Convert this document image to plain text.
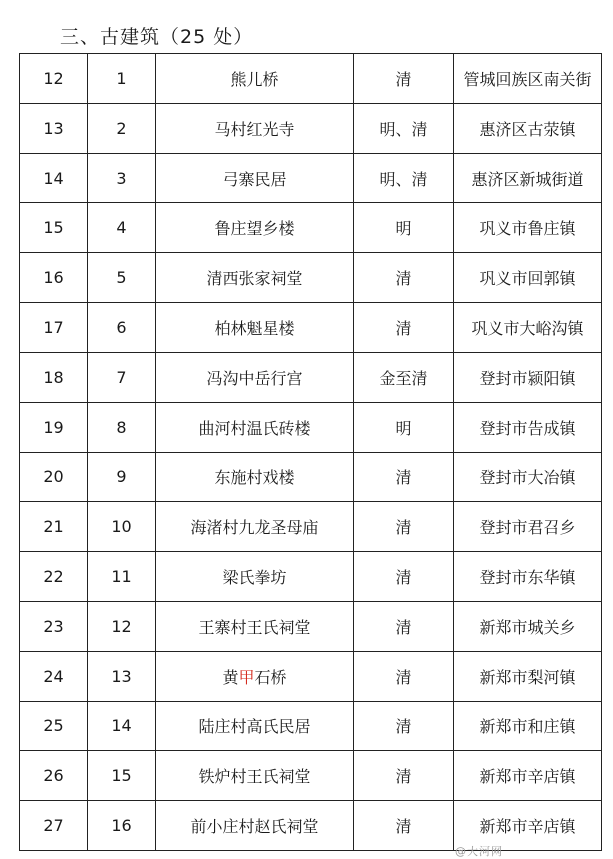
三、古建筑（25 处）
12	1	熊儿桥	清	管城回族区南关街
13	2	马村红光寺	明、清	惠济区古荥镇
14	3	弓寨民居	明、清	惠济区新城街道
15	4	鲁庄望乡楼	明	巩义市鲁庄镇
16	5	清西张家祠堂	清	巩义市回郭镇
17	6	柏林魁星楼	清	巩义市大峪沟镇
18	7	冯沟中岳行宫	金至清	登封市颍阳镇
19	8	曲河村温氏砖楼	明	登封市告成镇
20	9	东施村戏楼	清	登封市大冶镇
21	10	海渚村九龙圣母庙	清	登封市君召乡
22	11	梁氏拳坊	清	登封市东华镇
23	12	王寨村王氏祠堂	清	新郑市城关乡
24	13	黄甲石桥	清	新郑市梨河镇
25	14	陆庄村高氏民居	清	新郑市和庄镇
26	15	铁炉村王氏祠堂	清	新郑市辛店镇
27	16	前小庄村赵氏祠堂	清	新郑市辛店镇
@大河网
